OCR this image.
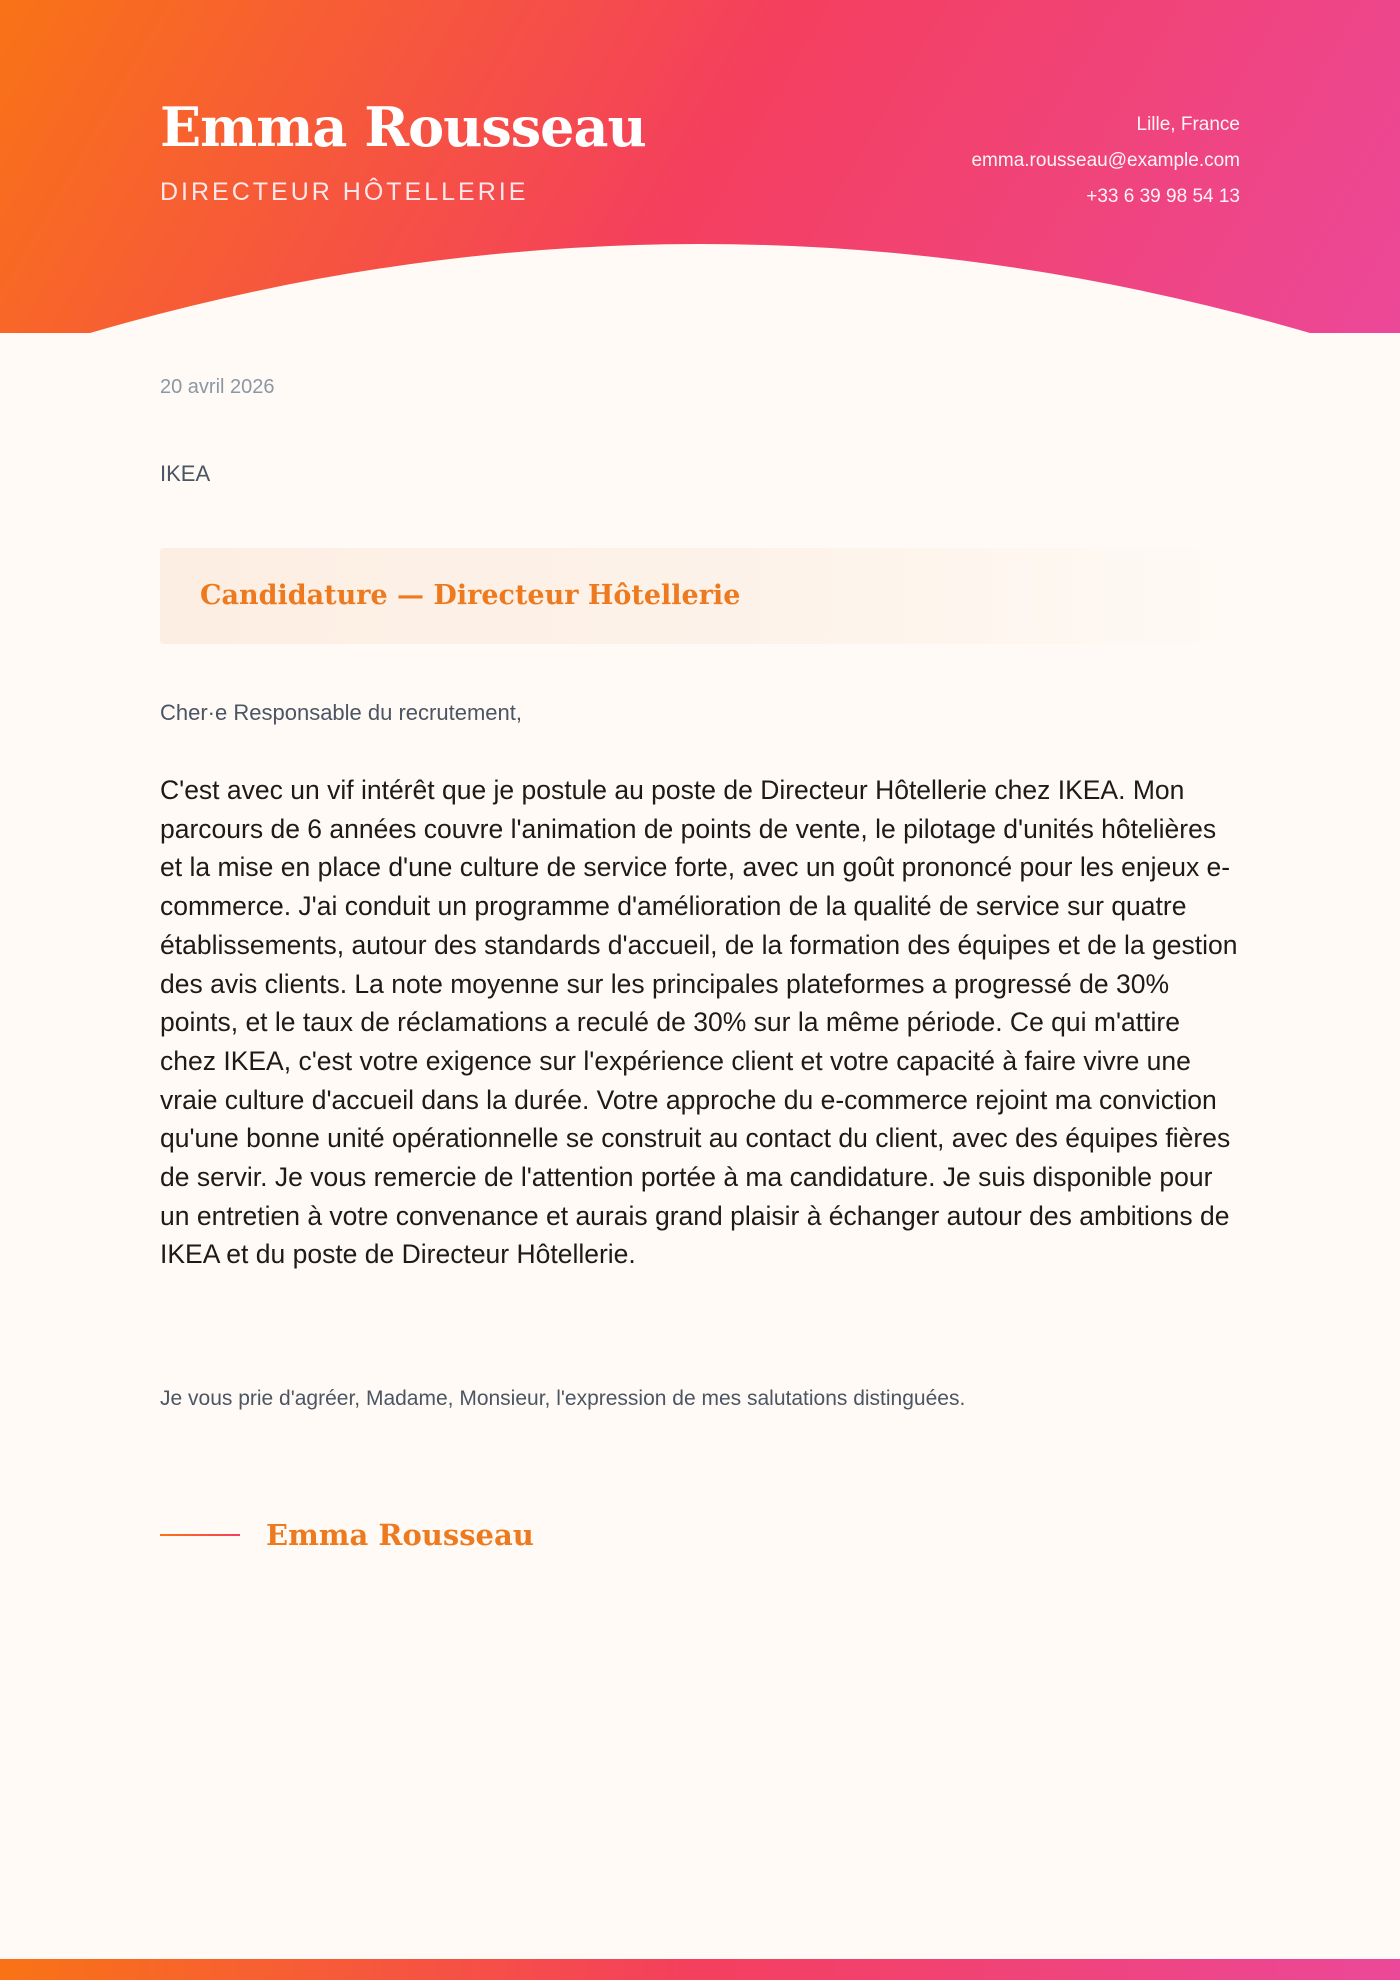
Emma Rousseau
DIRECTEUR HÔTELLERIE
Lille, France
emma.rousseau@example.com
+33 6 39 98 54 13
20 avril 2026
IKEA
Candidature — Directeur Hôtellerie
Cher·e Responsable du recrutement,
C'est avec un vif intérêt que je postule au poste de Directeur Hôtellerie chez IKEA. Mon parcours de 6 années couvre l'animation de points de vente, le pilotage d'unités hôtelières et la mise en place d'une culture de service forte, avec un goût prononcé pour les enjeux e-commerce. J'ai conduit un programme d'amélioration de la qualité de service sur quatre établissements, autour des standards d'accueil, de la formation des équipes et de la gestion des avis clients. La note moyenne sur les principales plateformes a progressé de 30% points, et le taux de réclamations a reculé de 30% sur la même période. Ce qui m'attire chez IKEA, c'est votre exigence sur l'expérience client et votre capacité à faire vivre une vraie culture d'accueil dans la durée. Votre approche du e-commerce rejoint ma conviction qu'une bonne unité opérationnelle se construit au contact du client, avec des équipes fières de servir. Je vous remercie de l'attention portée à ma candidature. Je suis disponible pour un entretien à votre convenance et aurais grand plaisir à échanger autour des ambitions de IKEA et du poste de Directeur Hôtellerie.
Je vous prie d'agréer, Madame, Monsieur, l'expression de mes salutations distinguées.
Emma Rousseau
